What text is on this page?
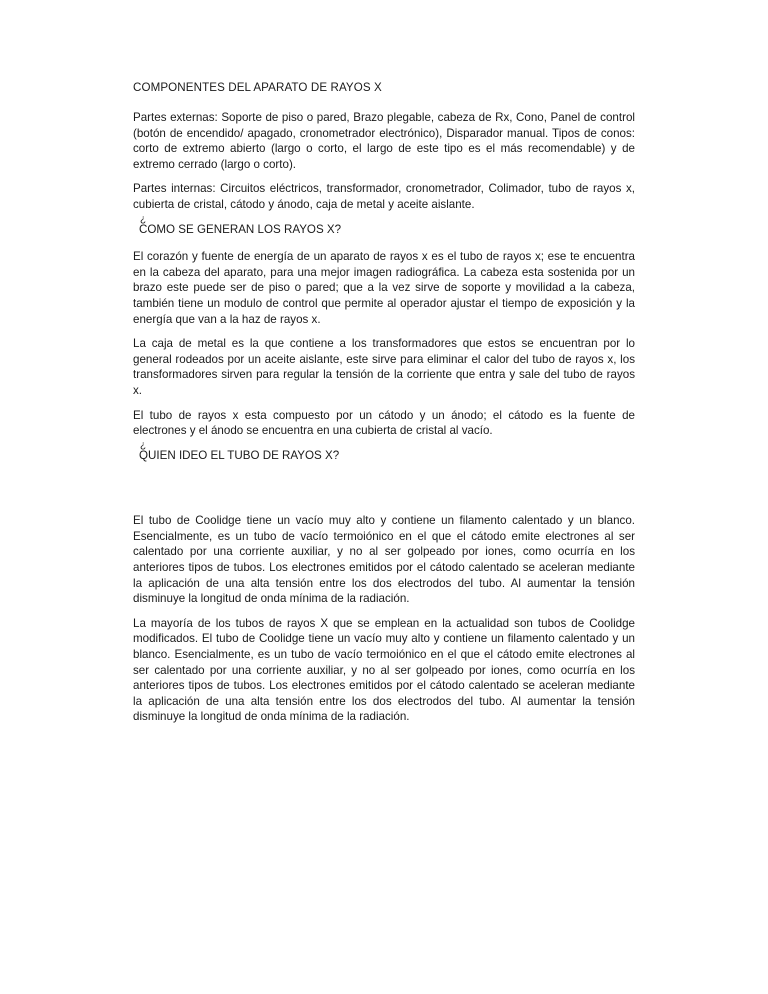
COMPONENTES DEL APARATO DE RAYOS X

Partes externas: Soporte de piso o pared, Brazo plegable, cabeza de Rx, Cono, Panel de control (botón de encendido/ apagado, cronometrador electrónico), Disparador manual. Tipos de conos: corto de extremo abierto (largo o corto, el largo de este tipo es el más recomendable) y de extremo cerrado (largo o corto).

Partes internas: Circuitos eléctricos, transformador, cronometrador, Colimador, tubo de rayos x, cubierta de cristal, cátodo y ánodo, caja de metal y aceite aislante.

¿
COMO SE GENERAN LOS RAYOS X?

El corazón y fuente de energía de un aparato de rayos x es el tubo de rayos x; ese te encuentra en la cabeza del aparato, para una mejor imagen radiográfica. La cabeza esta sostenida por un brazo este puede ser de piso o pared; que a la vez sirve de soporte y movilidad a la cabeza, también tiene un modulo de control que permite al operador ajustar el tiempo de exposición y la energía que van a la haz de rayos x.

La caja de metal es la que contiene a los transformadores que estos se encuentran por lo general rodeados por un aceite aislante, este sirve para eliminar el calor del tubo de rayos x, los transformadores sirven para regular la tensión de la corriente que entra y sale del tubo de rayos x.

El tubo de rayos x esta compuesto por un cátodo y un ánodo; el cátodo es la fuente de electrones y el ánodo se encuentra en una cubierta de cristal al vacío.

¿
QUIEN IDEO EL TUBO DE RAYOS X?

El tubo de Coolidge tiene un vacío muy alto y contiene un filamento calentado y un blanco. Esencialmente, es un tubo de vacío termoiónico en el que el cátodo emite electrones al ser calentado por una corriente auxiliar, y no al ser golpeado por iones, como ocurría en los anteriores tipos de tubos. Los electrones emitidos por el cátodo calentado se aceleran mediante la aplicación de una alta tensión entre los dos electrodos del tubo. Al aumentar la tensión disminuye la longitud de onda mínima de la radiación.

La mayoría de los tubos de rayos X que se emplean en la actualidad son tubos de Coolidge modificados. El tubo de Coolidge tiene un vacío muy alto y contiene un filamento calentado y un blanco. Esencialmente, es un tubo de vacío termoiónico en el que el cátodo emite electrones al ser calentado por una corriente auxiliar, y no al ser golpeado por iones, como ocurría en los anteriores tipos de tubos. Los electrones emitidos por el cátodo calentado se aceleran mediante la aplicación de una alta tensión entre los dos electrodos del tubo. Al aumentar la tensión disminuye la longitud de onda mínima de la radiación.
